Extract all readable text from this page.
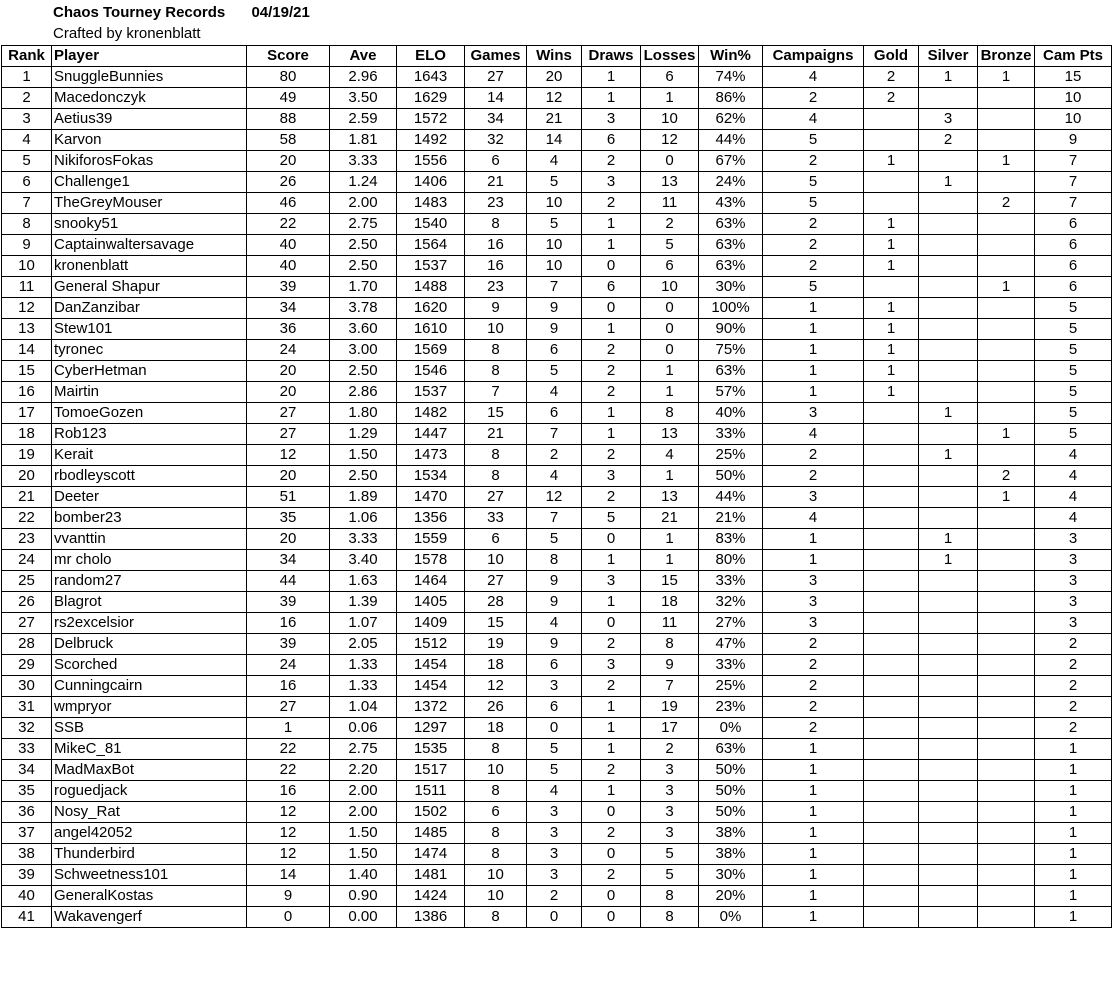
Chaos Tourney Records 04/19/21
Crafted by kronenblatt
Rank	Player	Score	Ave	ELO	Games	Wins	Draws	Losses	Win%	Campaigns	Gold	Silver	Bronze	Cam Pts
1	SnuggleBunnies	80	2.96	1643	27	20	1	6	74%	4	2	1	1	15
2	Macedonczyk	49	3.50	1629	14	12	1	1	86%	2	2			10
3	Aetius39	88	2.59	1572	34	21	3	10	62%	4		3		10
4	Karvon	58	1.81	1492	32	14	6	12	44%	5		2		9
5	NikiforosFokas	20	3.33	1556	6	4	2	0	67%	2	1		1	7
6	Challenge1	26	1.24	1406	21	5	3	13	24%	5		1		7
7	TheGreyMouser	46	2.00	1483	23	10	2	11	43%	5			2	7
8	snooky51	22	2.75	1540	8	5	1	2	63%	2	1			6
9	Captainwaltersavage	40	2.50	1564	16	10	1	5	63%	2	1			6
10	kronenblatt	40	2.50	1537	16	10	0	6	63%	2	1			6
11	General Shapur	39	1.70	1488	23	7	6	10	30%	5			1	6
12	DanZanzibar	34	3.78	1620	9	9	0	0	100%	1	1			5
13	Stew101	36	3.60	1610	10	9	1	0	90%	1	1			5
14	tyronec	24	3.00	1569	8	6	2	0	75%	1	1			5
15	CyberHetman	20	2.50	1546	8	5	2	1	63%	1	1			5
16	Mairtin	20	2.86	1537	7	4	2	1	57%	1	1			5
17	TomoeGozen	27	1.80	1482	15	6	1	8	40%	3		1		5
18	Rob123	27	1.29	1447	21	7	1	13	33%	4			1	5
19	Kerait	12	1.50	1473	8	2	2	4	25%	2		1		4
20	rbodleyscott	20	2.50	1534	8	4	3	1	50%	2			2	4
21	Deeter	51	1.89	1470	27	12	2	13	44%	3			1	4
22	bomber23	35	1.06	1356	33	7	5	21	21%	4				4
23	vvanttin	20	3.33	1559	6	5	0	1	83%	1		1		3
24	mr cholo	34	3.40	1578	10	8	1	1	80%	1		1		3
25	random27	44	1.63	1464	27	9	3	15	33%	3				3
26	Blagrot	39	1.39	1405	28	9	1	18	32%	3				3
27	rs2excelsior	16	1.07	1409	15	4	0	11	27%	3				3
28	Delbruck	39	2.05	1512	19	9	2	8	47%	2				2
29	Scorched	24	1.33	1454	18	6	3	9	33%	2				2
30	Cunningcairn	16	1.33	1454	12	3	2	7	25%	2				2
31	wmpryor	27	1.04	1372	26	6	1	19	23%	2				2
32	SSB	1	0.06	1297	18	0	1	17	0%	2				2
33	MikeC_81	22	2.75	1535	8	5	1	2	63%	1				1
34	MadMaxBot	22	2.20	1517	10	5	2	3	50%	1				1
35	roguedjack	16	2.00	1511	8	4	1	3	50%	1				1
36	Nosy_Rat	12	2.00	1502	6	3	0	3	50%	1				1
37	angel42052	12	1.50	1485	8	3	2	3	38%	1				1
38	Thunderbird	12	1.50	1474	8	3	0	5	38%	1				1
39	Schweetness101	14	1.40	1481	10	3	2	5	30%	1				1
40	GeneralKostas	9	0.90	1424	10	2	0	8	20%	1				1
41	Wakavengerf	0	0.00	1386	8	0	0	8	0%	1				1
